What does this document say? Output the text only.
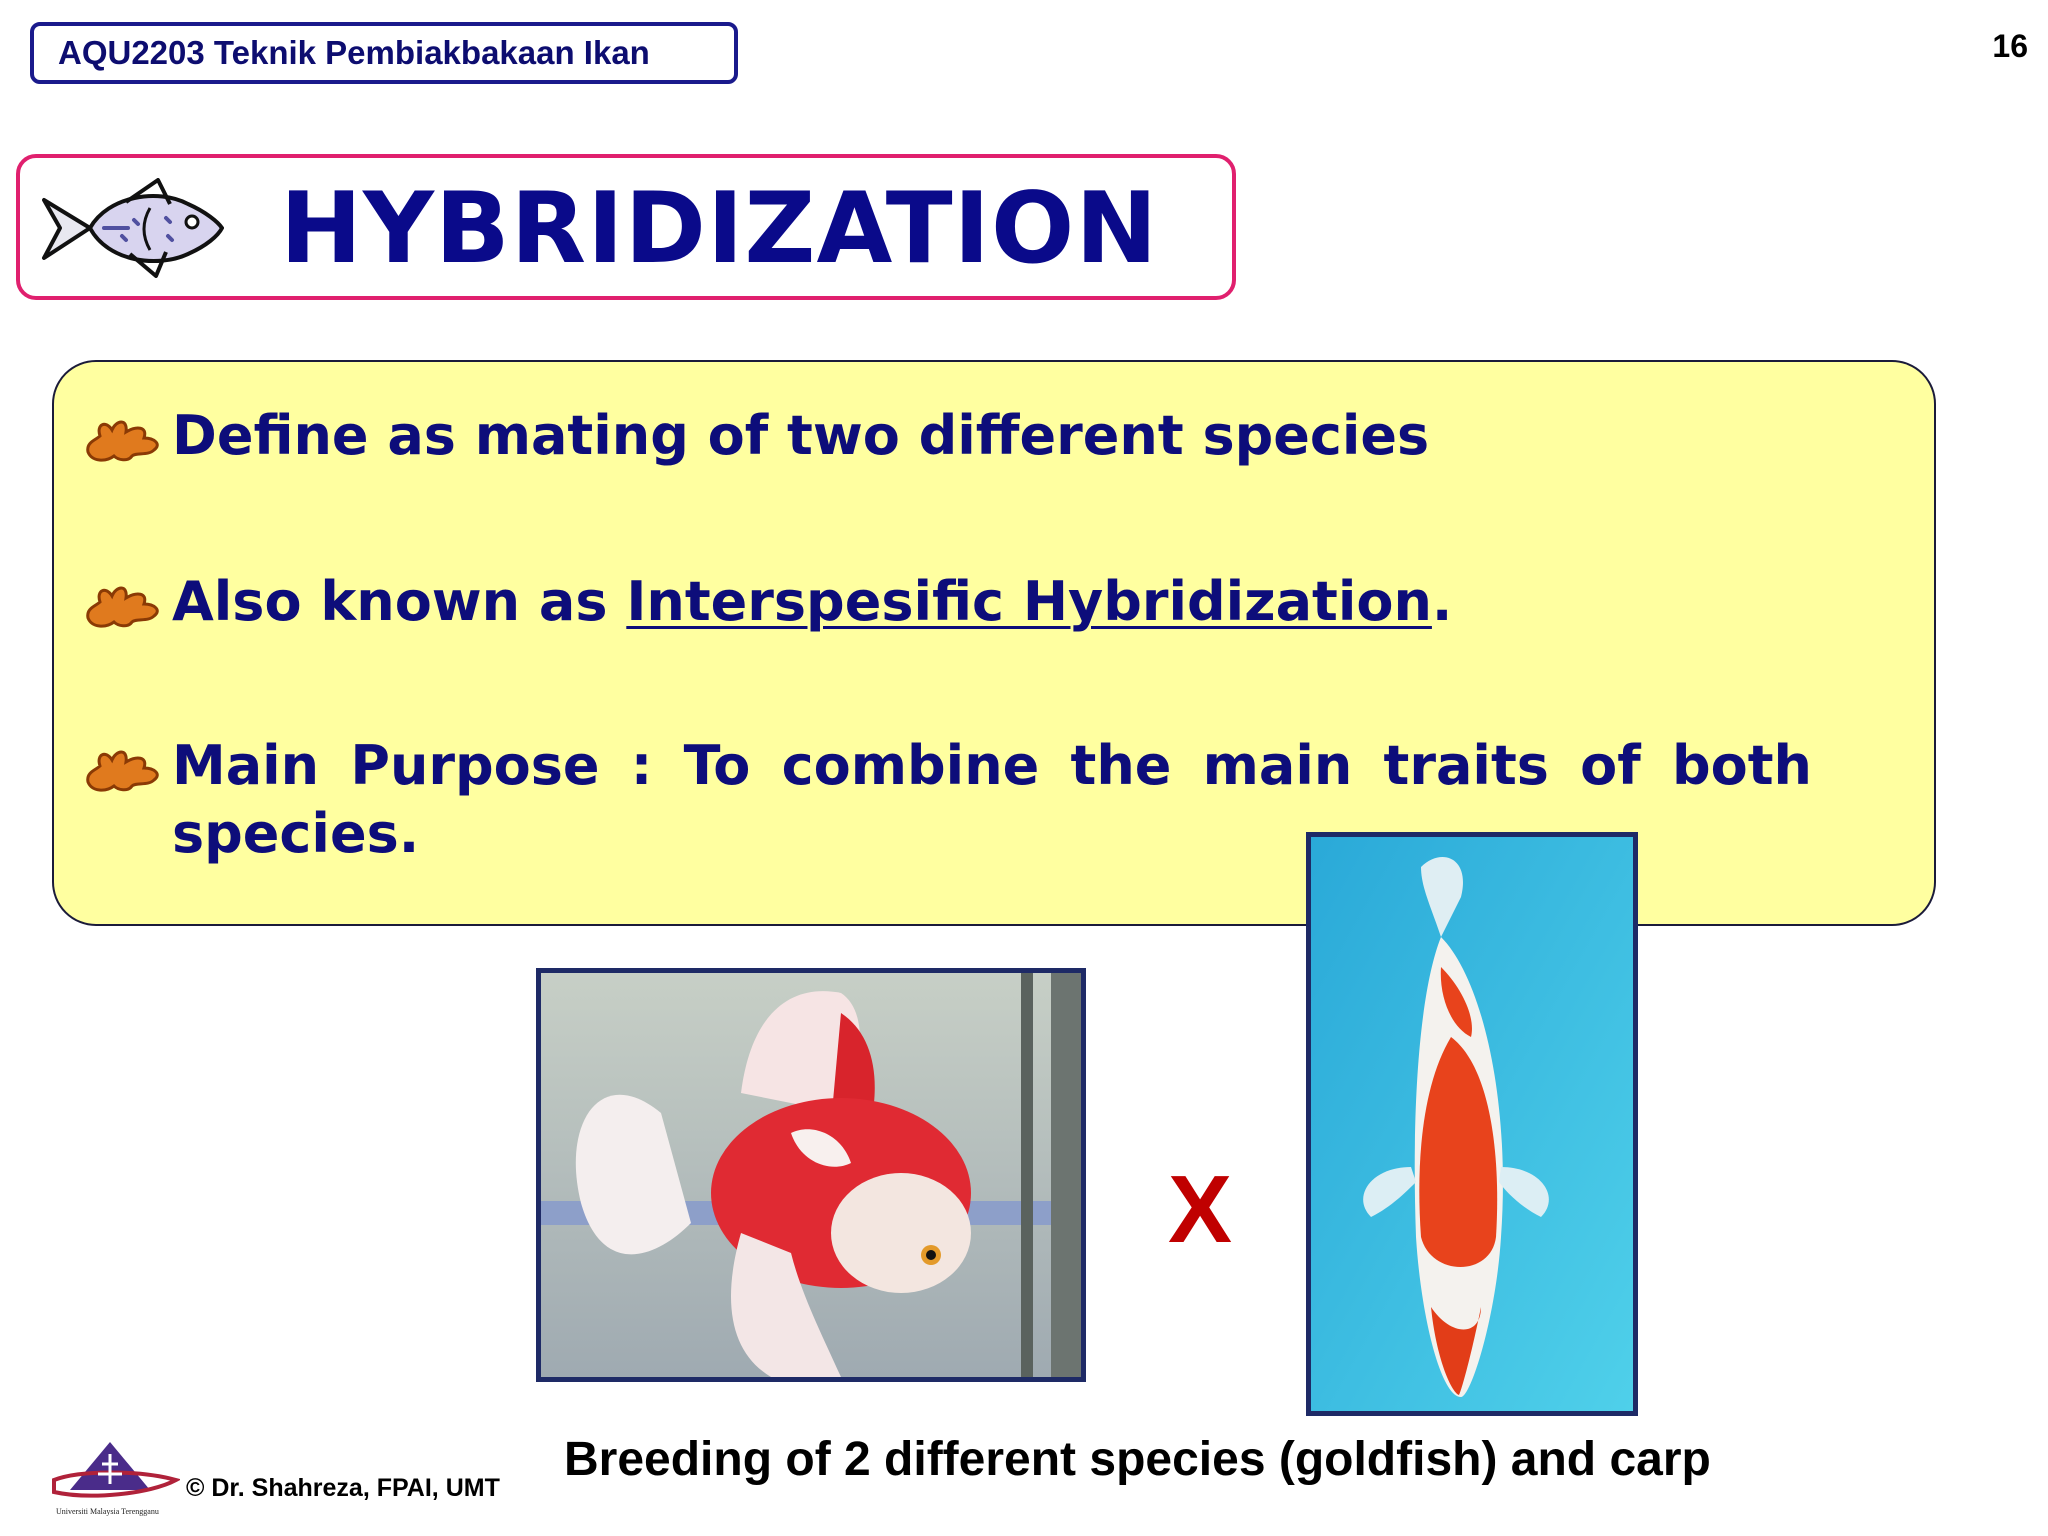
AQU2203 Teknik Pembiakbakaan Ikan	16
HYBRIDIZATION
Define as mating of two different species
Also known as Interspesific Hybridization.
Main Purpose : To combine the main traits of both species.
X
Breeding of 2 different species (goldfish) and carp
Universiti Malaysia Terengganu
© Dr. Shahreza, FPAI, UMT
